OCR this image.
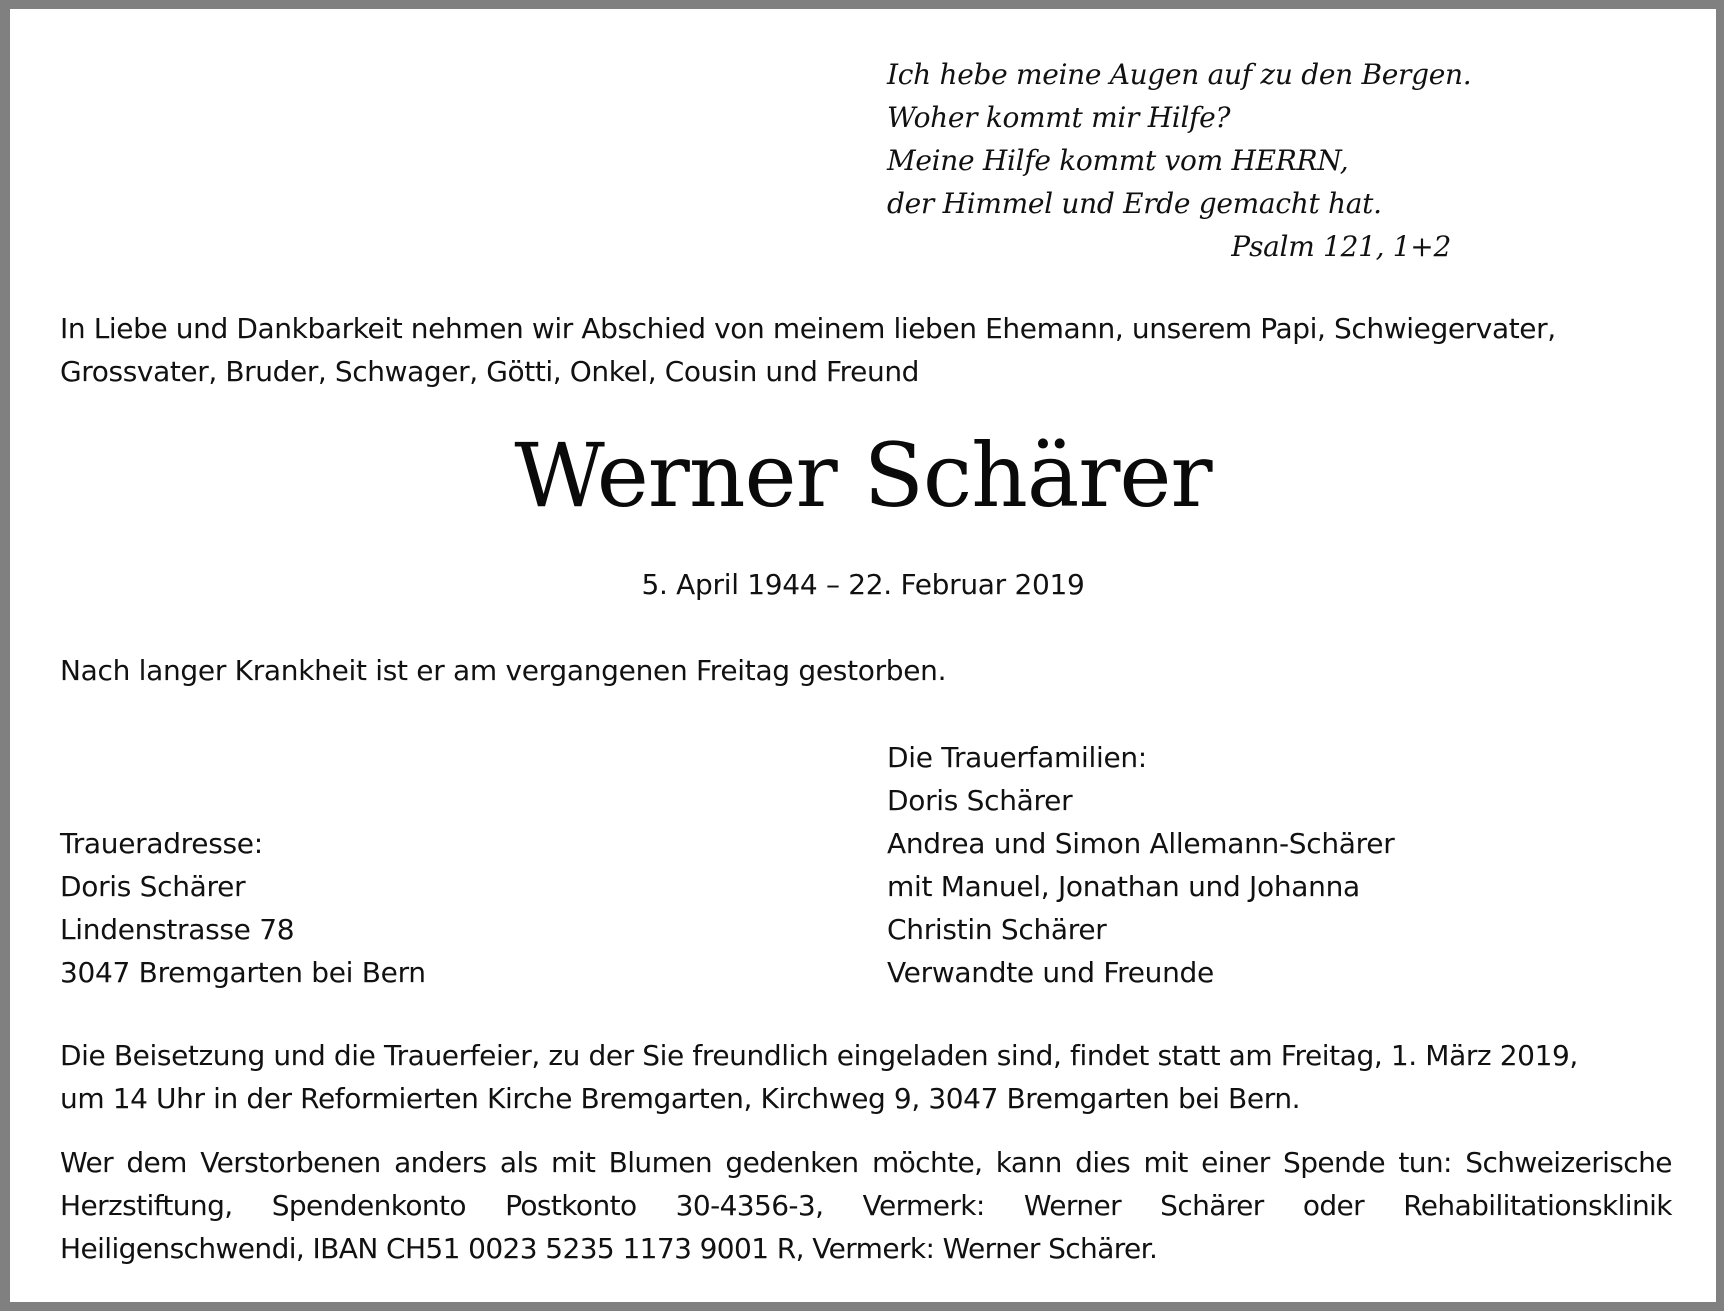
Ich hebe meine Augen auf zu den Bergen.
Woher kommt mir Hilfe?
Meine Hilfe kommt vom HERRN,
der Himmel und Erde gemacht hat.
Psalm 121, 1+2
In Liebe und Dankbarkeit nehmen wir Abschied von meinem lieben Ehemann, unserem Papi, Schwiegervater,
Grossvater, Bruder, Schwager, Götti, Onkel, Cousin und Freund
Werner Schärer
5. April 1944 – 22. Februar 2019
Nach langer Krankheit ist er am vergangenen Freitag gestorben.
Die Trauerfamilien:
Doris Schärer
Andrea und Simon Allemann-Schärer
mit Manuel, Jonathan und Johanna
Christin Schärer
Verwandte und Freunde
Traueradresse:
Doris Schärer
Lindenstrasse 78
3047 Bremgarten bei Bern
Die Beisetzung und die Trauerfeier, zu der Sie freundlich eingeladen sind, findet statt am Freitag, 1. März 2019,
um 14 Uhr in der Reformierten Kirche Bremgarten, Kirchweg 9, 3047 Bremgarten bei Bern.
Wer dem Verstorbenen anders als mit Blumen gedenken möchte, kann dies mit einer Spende tun: Schweizerische
Herzstiftung, Spendenkonto Postkonto 30-4356-3, Vermerk: Werner Schärer oder Rehabilitationsklinik
Heiligenschwendi, IBAN CH51 0023 5235 1173 9001 R, Vermerk: Werner Schärer.
